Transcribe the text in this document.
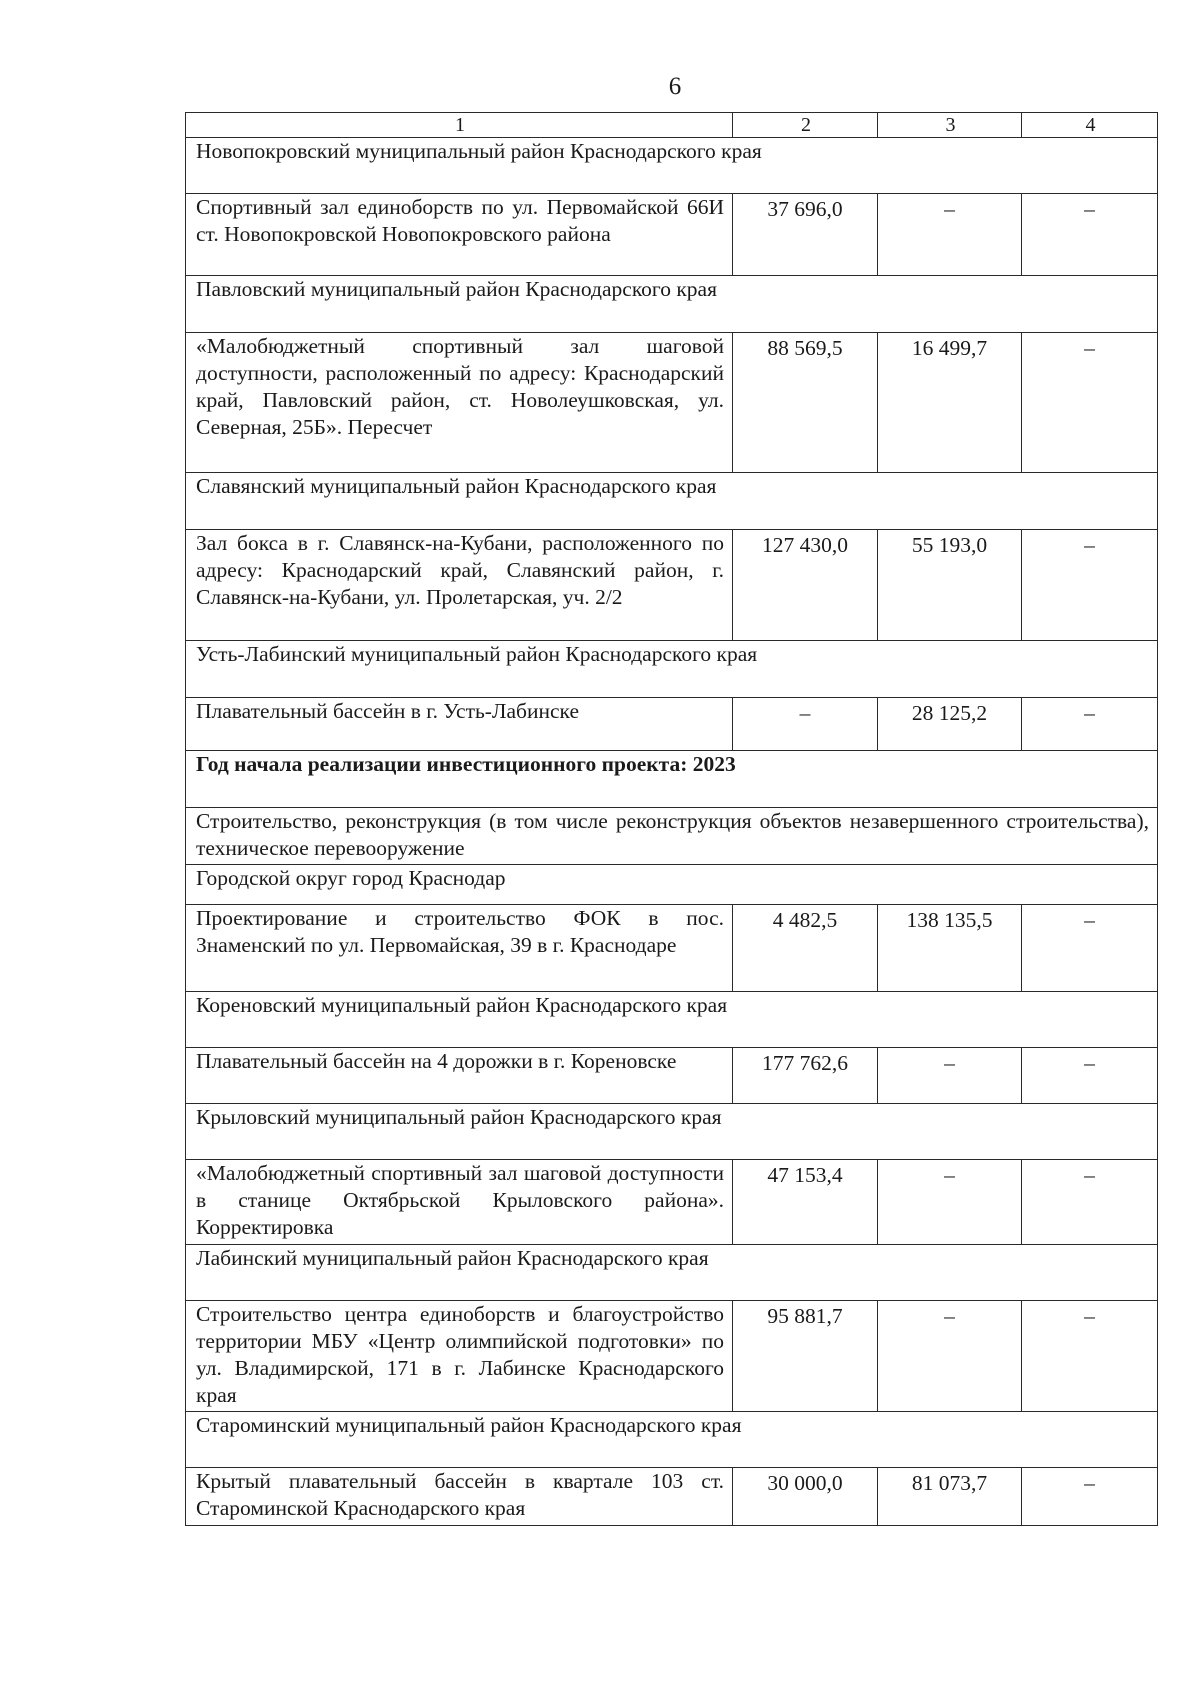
6
1	2	3	4
Новопокровский муниципальный район Краснодарского края			
Спортивный зал единоборств по ул. Первомайской 66И ст. Новопокровской Новопокровского района	37 696,0	–	–
Павловский муниципальный район Краснодарского края			
«Малобюджетный спортивный зал шаговой доступности, расположенный по адресу: Краснодарский край, Павловский район, ст. Новолеушковская, ул. Северная, 25Б». Пересчет	88 569,5	16 499,7	–
Славянский муниципальный район Краснодарского края			
Зал бокса в г. Славянск-на-Кубани, расположенного по адресу: Краснодарский край, Славянский район, г. Славянск-на-Кубани, ул. Пролетарская, уч. 2/2	127 430,0	55 193,0	–
Усть-Лабинский муниципальный район Краснодарского края			
Плавательный бассейн в г. Усть-Лабинске	–	28 125,2	–
Год начала реализации инвестиционного проекта: 2023			
Строительство, реконструкция (в том числе реконструкция объектов незавершенного строительства), техническое перевооружение			
Городской округ город Краснодар			
Проектирование и строительство ФОК в пос. Знаменский по ул. Первомайская, 39 в г. Краснодаре	4 482,5	138 135,5	–
Кореновский муниципальный район Краснодарского края			
Плавательный бассейн на 4 дорожки в г. Кореновске	177 762,6	–	–
Крыловский муниципальный район Краснодарского края			
«Малобюджетный спортивный зал шаговой доступности в станице Октябрьской Крыловского района». Корректировка	47 153,4	–	–
Лабинский муниципальный район Краснодарского края			
Строительство центра единоборств и благоустройство территории МБУ «Центр олимпийской подготовки» по ул. Владимирской, 171 в г. Лабинске Краснодарского края	95 881,7	–	–
Староминский муниципальный район Краснодарского края			
Крытый плавательный бассейн в квартале 103 ст. Староминской Краснодарского края	30 000,0	81 073,7	–
